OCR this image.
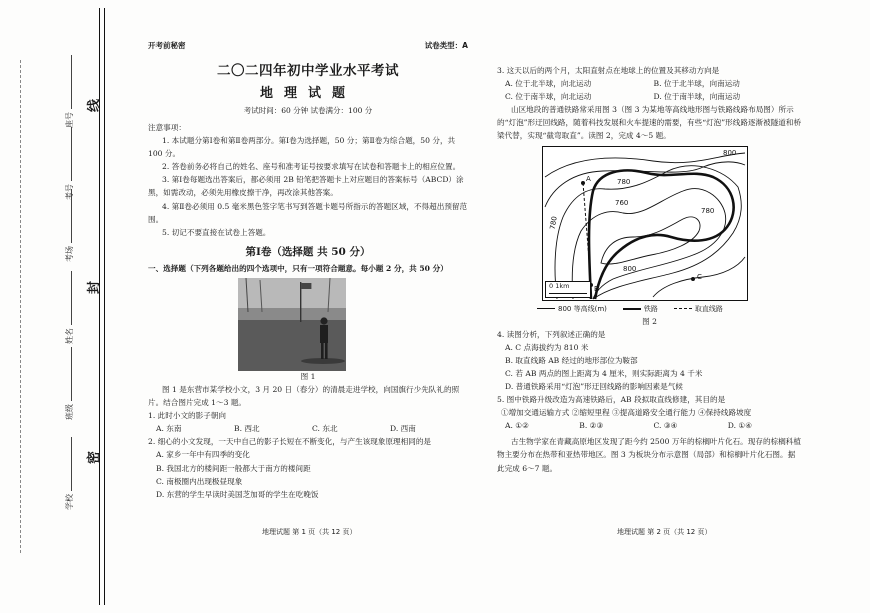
座号
考号
考场
姓名
班级
学校
线
封
密
开考前秘密	试卷类型：A
二〇二四年初中学业水平考试
地理试题
考试时间：60 分钟 试卷满分：100 分

注意事项：

1. 本试题分第Ⅰ卷和第Ⅱ卷两部分。第Ⅰ卷为选择题，50 分；第Ⅱ卷为综合题，50 分，共 100 分。

2. 答卷前务必将自己的姓名、座号和准考证号按要求填写在试卷和答题卡上的相应位置。

3. 第Ⅰ卷每题选出答案后，都必须用 2B 铅笔把答题卡上对应题目的答案标号（ABCD）涂黑，如需改动，必须先用橡皮擦干净，再改涂其他答案。

4. 第Ⅱ卷必须用 0.5 毫米黑色签字笔书写到答题卡题号所指示的答题区域，不得超出预留范围。

5. 切记不要直接在试卷上答题。

第Ⅰ卷（选择题 共 50 分）

一、选择题（下列各题给出的四个选项中，只有一项符合题意。每小题 2 分，共 50 分）

图 1

图 1 是东营市某学校小文，3 月 20 日（春分）的清晨走进学校，向国旗行少先队礼的照片。结合图片完成 1～3 题。

1. 此时小文的影子朝向

A. 东南	B. 西北	C. 东北	D. 西南

2. 细心的小文发现，一天中自己的影子长短在不断变化，与产生该现象原理相同的是

A. 家乡一年中有四季的变化

B. 我国北方的楼间距一般都大于南方的楼间距

C. 南极圈内出现极昼现象

D. 东营的学生早读时美国芝加哥的学生在吃晚饭

3. 这天以后的两个月，太阳直射点在地球上的位置及其移动方向是

A. 位于北半球，向北运动	B. 位于北半球，向南运动
C. 位于南半球，向北运动	D. 位于南半球，向南运动

山区地段的普通铁路常采用图 3（图 3 为某地等高线地形图与铁路线路布局图）所示的“灯泡”形迂回线路，随着科技发展和火车提速的需要，有些“灯泡”形线路逐渐被隧道和桥梁代替，实现“截弯取直”。读图 2，完成 4～5 题。

800
780
760
780
800
780
A
B
C
0 1km
800 等高线(m)	铁路	取直线路
图 2

4. 读图分析，下列叙述正确的是

A. C 点海拔约为 810 米

B. 取直线路 AB 经过的地形部位为鞍部

C. 若 AB 两点的图上距离为 4 厘米，则实际距离为 4 千米

D. 普通铁路采用“灯泡”形迂回线路的影响因素是气候

5. 图中铁路升级改造为高速铁路后，AB 段拟取直线修建，其目的是

①增加交通运输方式 ②缩短里程 ③提高道路安全通行能力 ④保持线路坡度

A. ①②	B. ②③	C. ③④	D. ①④

古生物学家在青藏高原地区发现了距今约 2500 万年的棕榈叶片化石。现存的棕榈科植物主要分布在热带和亚热带地区。图 3 为板块分布示意图（局部）和棕榈叶片化石图。据此完成 6～7 题。

地理试题 第 1 页（共 12 页）	地理试题 第 2 页（共 12 页）
